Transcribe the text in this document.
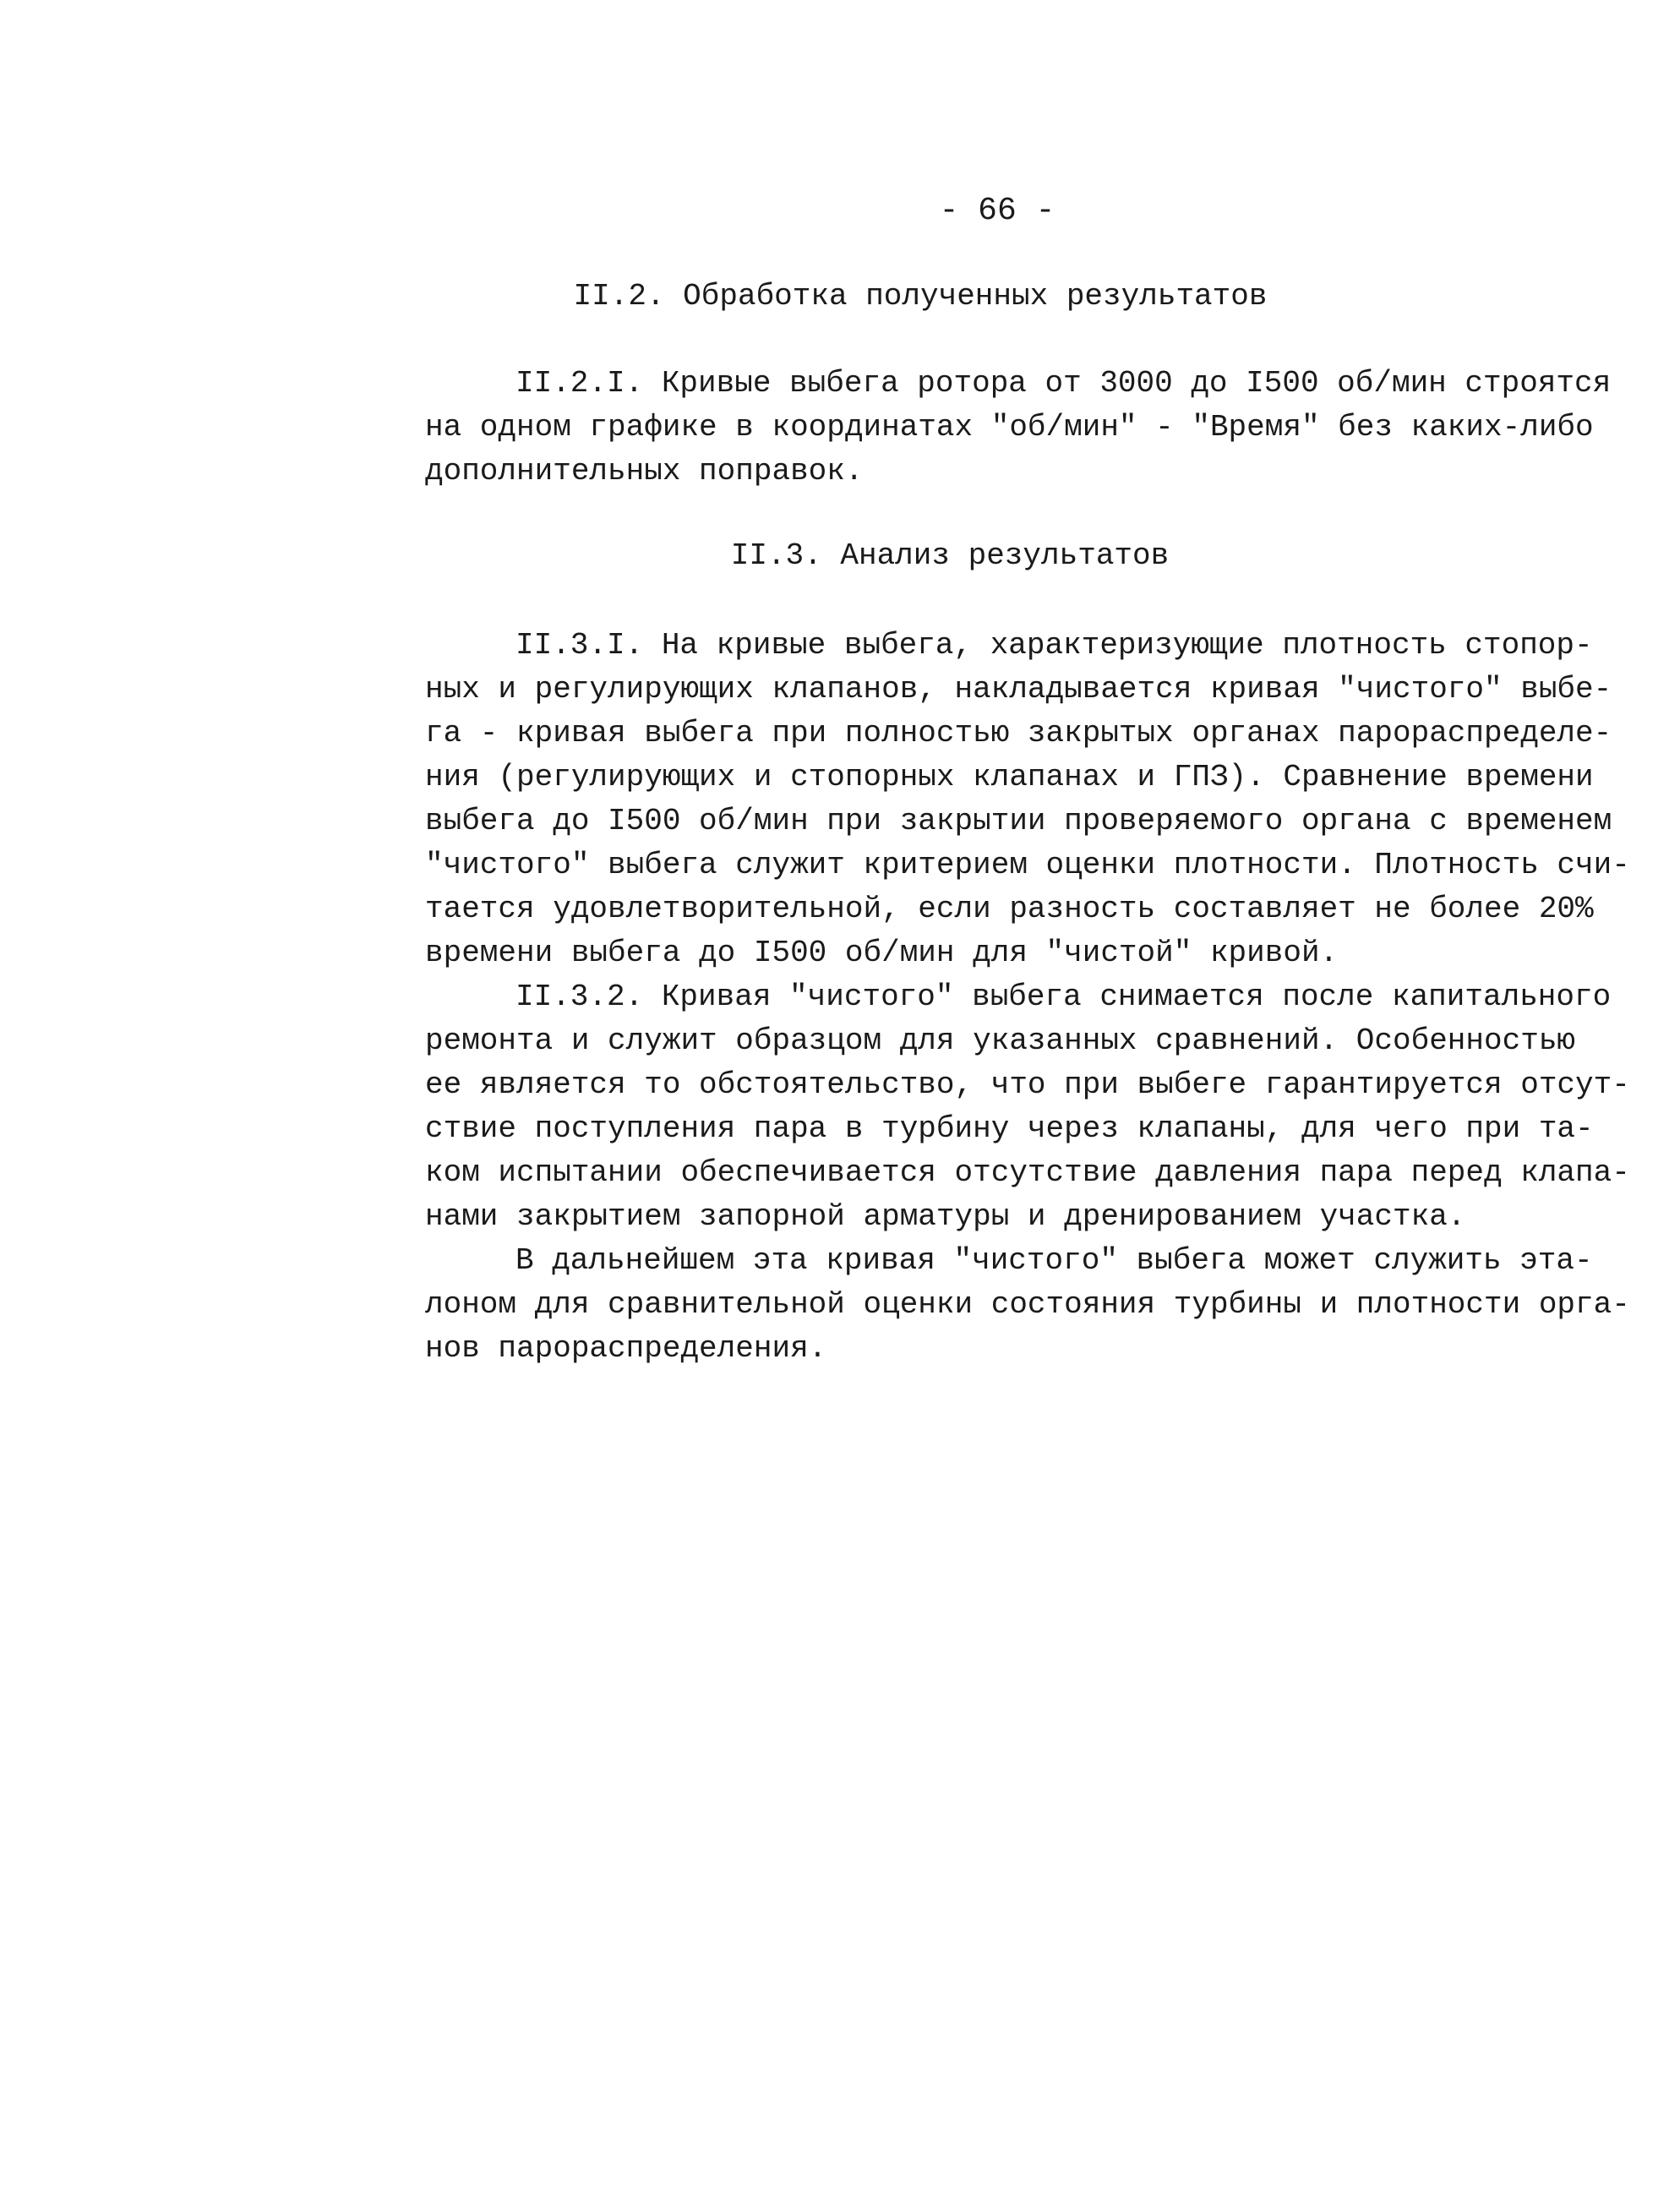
- 66 -
II.2. Обработка полученных результатов
II.2.I. Кривые выбега ротора от 3000 до I500 об/мин строятся
на одном графике в координатах "об/мин" - "Время" без каких-либо
дополнительных поправок.
II.3. Анализ результатов
II.3.I. На кривые выбега, характеризующие плотность стопор-
ных и регулирующих клапанов, накладывается кривая "чистого" выбе-
га - кривая выбега при полностью закрытых органах парораспределе-
ния (регулирующих и стопорных клапанах и ГПЗ). Сравнение времени
выбега до I500 об/мин при закрытии проверяемого органа с временем
"чистого" выбега служит критерием оценки плотности. Плотность счи-
тается удовлетворительной, если разность составляет не более 20%
времени выбега до I500 об/мин для "чистой" кривой.
II.3.2. Кривая "чистого" выбега снимается после капитального
ремонта и служит образцом для указанных сравнений. Особенностью
ее является то обстоятельство, что при выбеге гарантируется отсут-
ствие поступления пара в турбину через клапаны, для чего при та-
ком испытании обеспечивается отсутствие давления пара перед клапа-
нами закрытием запорной арматуры и дренированием участка.
В дальнейшем эта кривая "чистого" выбега может служить эта-
лоном для сравнительной оценки состояния турбины и плотности орга-
нов парораспределения.
